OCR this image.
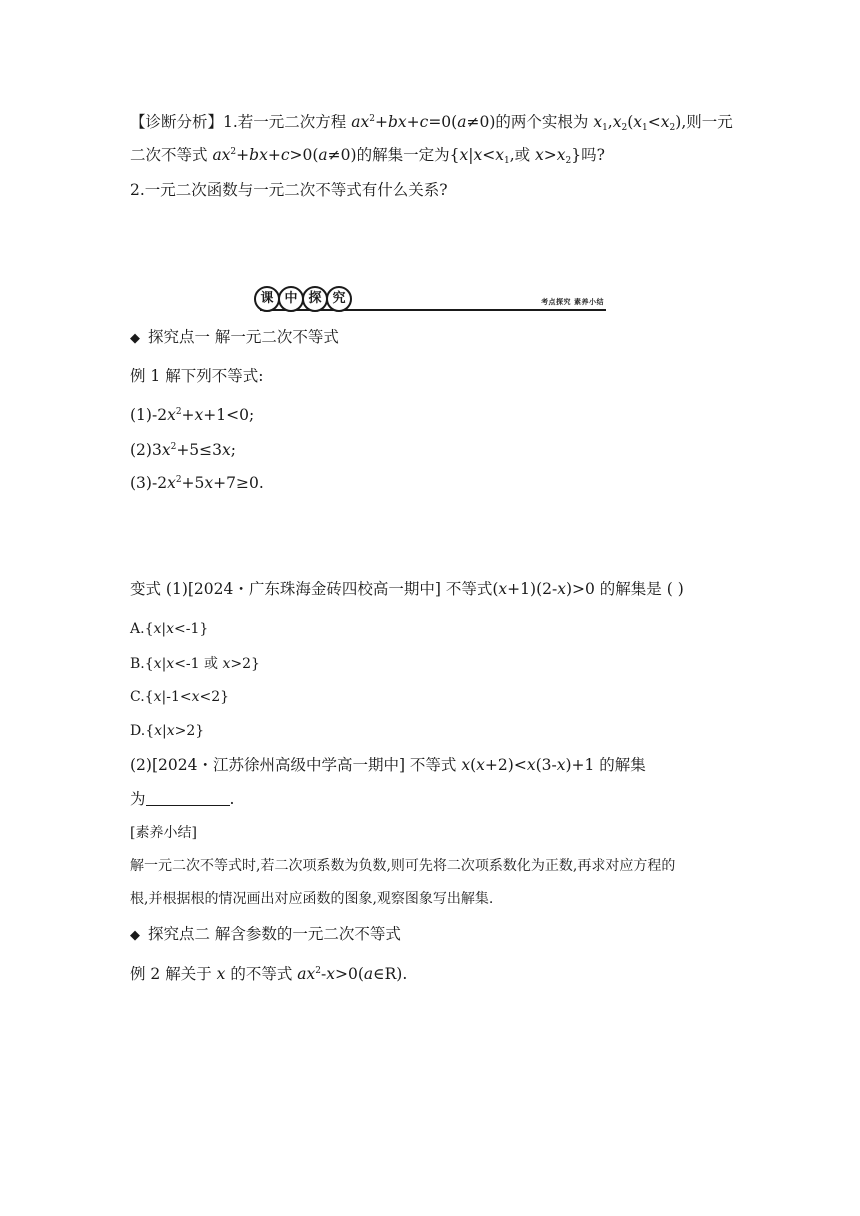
【诊断分析】1.若一元二次方程 $ax^2+bx+c=0(a\ne 0)$的两个实根为 $x_1,x_2(x_1<x_2)$,则一元
二次不等式 $ax^2+bx+c>0(a\ne 0)$的解集一定为{$x|x<x_1$,或 $x>x_2$}吗?
2.一元二次函数与一元二次不等式有什么关系?
课 中 探 究	考点探究 素养小结
◆ 探究点一 解一元二次不等式
例 1 解下列不等式:
$(1)-2x^2+x+1<0$;
$(2)3x^2+5\le 3x$;
$(3)-2x^2+5x+7\ge 0$.
变式 (1)[2024・广东珠海金砖四校高一期中] 不等式(x+1)(2-x)>0 的解集是 ( )
A.{x|x<-1}
B.{x|x<-1 或 x>2}
C.{x|-1<x<2}
D.{x|x>2}
(2)[2024・江苏徐州高级中学高一期中] 不等式 x(x+2)<x(3-x)+1 的解集
为	.
[素养小结]
解一元二次不等式时,若二次项系数为负数,则可先将二次项系数化为正数,再求对应方程的
根,并根据根的情况画出对应函数的图象,观察图象写出解集.
◆ 探究点二 解含参数的一元二次不等式
例 2 解关于 x 的不等式 $ax^2-x>0(a\in R)$.
